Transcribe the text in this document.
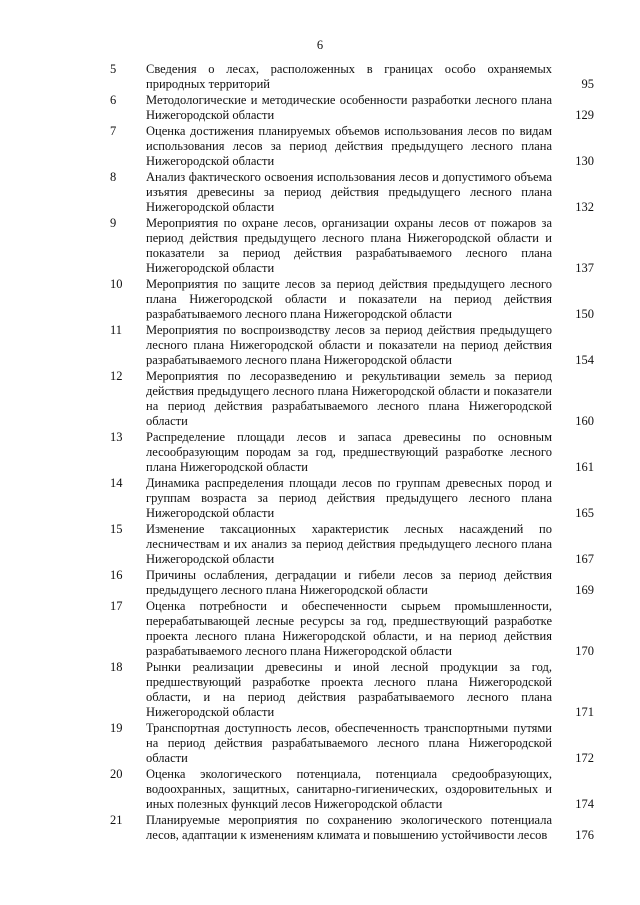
6
5 Сведения о лесах, расположенных в границах особо охраняемых природных территорий	95
6 Методологические и методические особенности разработки лесного плана Нижегородской области	129
7 Оценка достижения планируемых объемов использования лесов по видам использования лесов за период действия предыдущего лесного плана Нижегородской области	130
8 Анализ фактического освоения использования лесов и допустимого объема изъятия древесины за период действия предыдущего лесного плана Нижегородской области	132
9 Мероприятия по охране лесов, организации охраны лесов от пожаров за период действия предыдущего лесного плана Нижегородской области и показатели за период действия разрабатываемого лесного плана Нижегородской области	137
10 Мероприятия по защите лесов за период действия предыдущего лесного плана Нижегородской области и показатели на период действия разрабатываемого лесного плана Нижегородской области	150
11 Мероприятия по воспроизводству лесов за период действия предыдущего лесного плана Нижегородской области и показатели на период действия разрабатываемого лесного плана Нижегородской области	154
12 Мероприятия по лесоразведению и рекультивации земель за период действия предыдущего лесного плана Нижегородской области и показатели на период действия разрабатываемого лесного плана Нижегородской области	160
13 Распределение площади лесов и запаса древесины по основным лесообразующим породам за год, предшествующий разработке лесного плана Нижегородской области	161
14 Динамика распределения площади лесов по группам древесных пород и группам возраста за период действия предыдущего лесного плана Нижегородской области	165
15 Изменение таксационных характеристик лесных насаждений по лесничествам и их анализ за период действия предыдущего лесного плана Нижегородской области	167
16 Причины ослабления, деградации и гибели лесов за период действия предыдущего лесного плана Нижегородской области	169
17 Оценка потребности и обеспеченности сырьем промышленности, перерабатывающей лесные ресурсы за год, предшествующий разработке проекта лесного плана Нижегородской области, и на период действия разрабатываемого лесного плана Нижегородской области	170
18 Рынки реализации древесины и иной лесной продукции за год, предшествующий разработке проекта лесного плана Нижегородской области, и на период действия разрабатываемого лесного плана Нижегородской области	171
19 Транспортная доступность лесов, обеспеченность транспортными путями на период действия разрабатываемого лесного плана Нижегородской области	172
20 Оценка экологического потенциала, потенциала средообразующих, водоохранных, защитных, санитарно-гигиенических, оздоровительных и иных полезных функций лесов Нижегородской области	174
21 Планируемые мероприятия по сохранению экологического потенциала лесов, адаптации к изменениям климата и повышению устойчивости лесов	176
